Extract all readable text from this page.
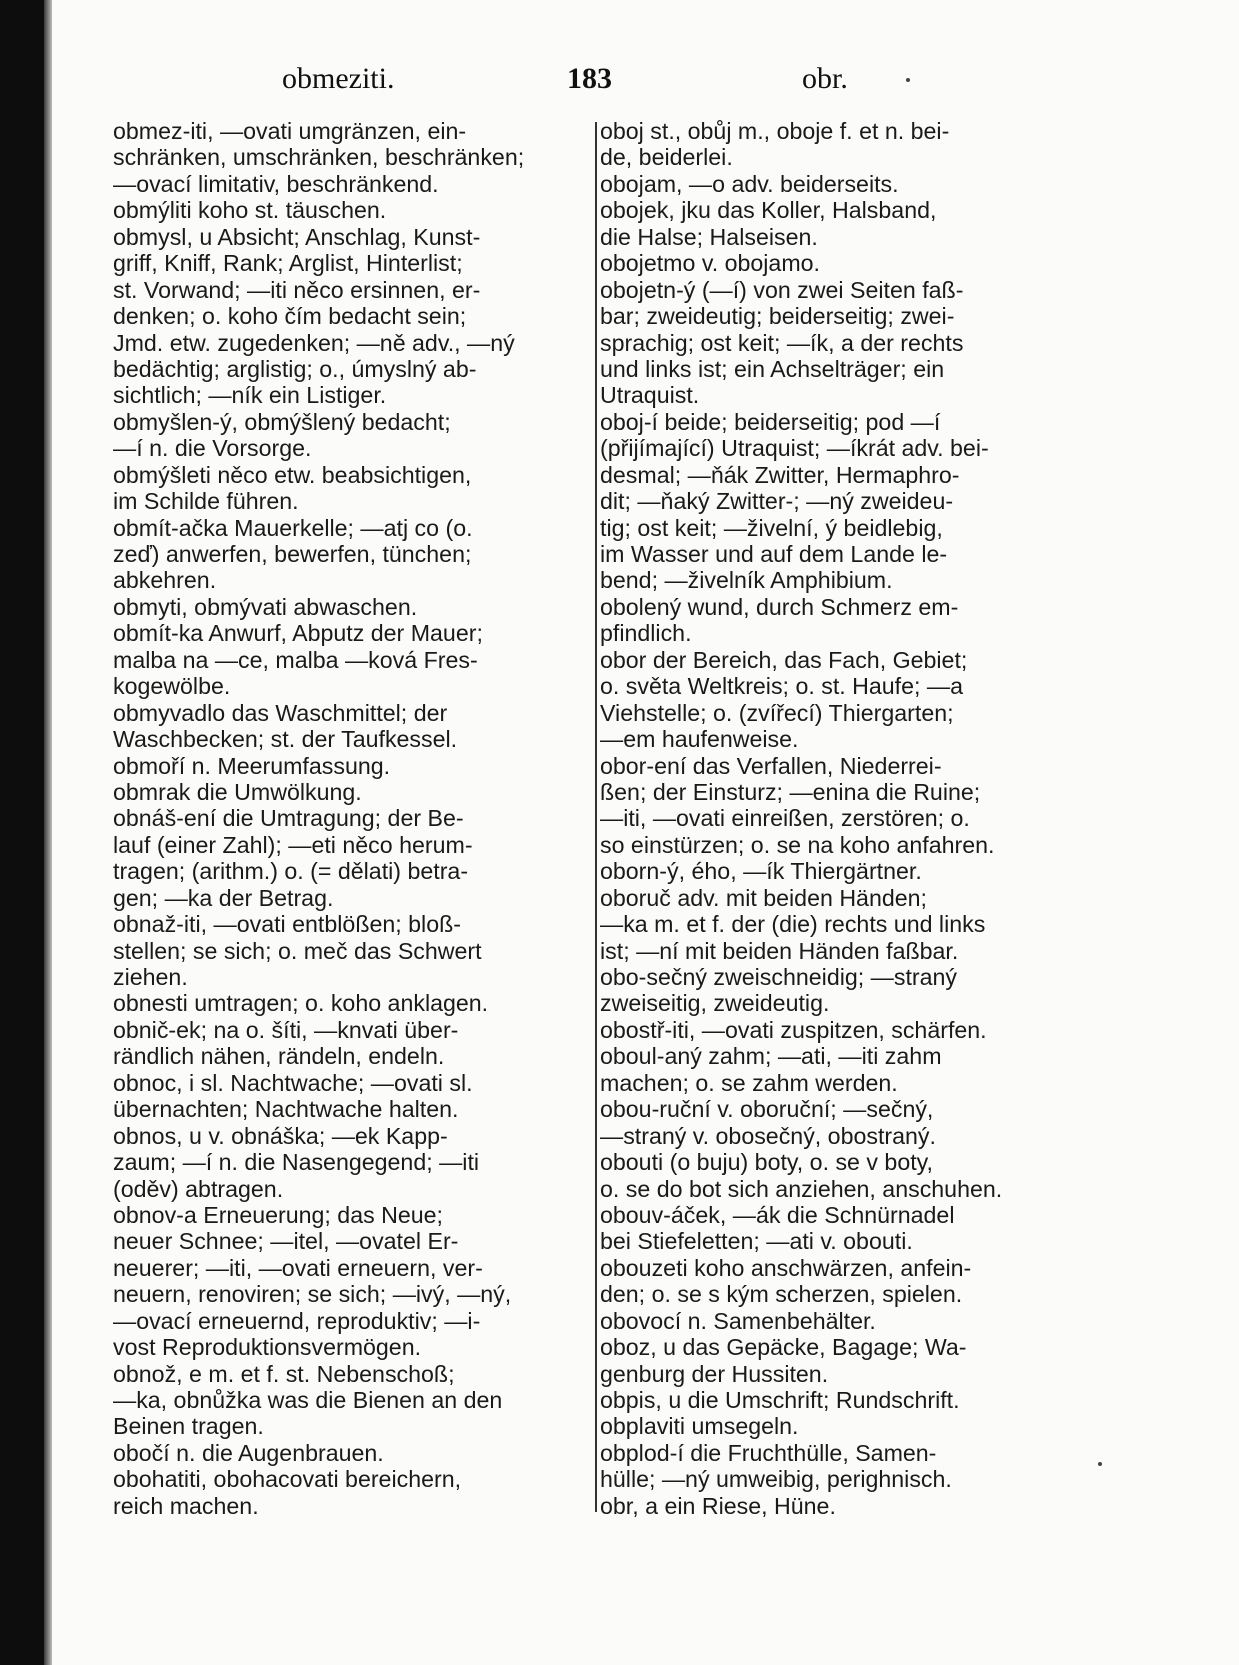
obmeziti.	183	obr.
obmez-iti, —ovati umgränzen, ein-
schränken, umschränken, beschränken;
—ovací limitativ, beschränkend.
obmýliti koho st. täuschen.
obmysl, u Absicht; Anschlag, Kunst-
griff, Kniff, Rank; Arglist, Hinterlist;
st. Vorwand; —iti něco ersinnen, er-
denken; o. koho čím bedacht sein;
Jmd. etw. zugedenken; —ně adv., —ný
bedächtig; arglistig; o., úmyslný ab-
sichtlich; —ník ein Listiger.
obmyšlen-ý, obmýšlený bedacht;
—í n. die Vorsorge.
obmýšleti něco etw. beabsichtigen,
im Schilde führen.
obmít-ačka Mauerkelle; —atj co (o.
zeď) anwerfen, bewerfen, tünchen;
abkehren.
obmyti, obmývati abwaschen.
obmít-ka Anwurf, Abputz der Mauer;
malba na —ce, malba —ková Fres-
kogewölbe.
obmyvadlo das Waschmittel; der
Waschbecken; st. der Taufkessel.
obmoří n. Meerumfassung.
obmrak die Umwölkung.
obnáš-ení die Umtragung; der Be-
lauf (einer Zahl); —eti něco herum-
tragen; (arithm.) o. (= dělati) betra-
gen; —ka der Betrag.
obnaž-iti, —ovati entblößen; bloß-
stellen; se sich; o. meč das Schwert
ziehen.
obnesti umtragen; o. koho anklagen.
obnič-ek; na o. šíti, —knvati über-
rändlich nähen, rändeln, endeln.
obnoc, i sl. Nachtwache; —ovati sl.
übernachten; Nachtwache halten.
obnos, u v. obnáška; —ek Kapp-
zaum; —í n. die Nasengegend; —iti
(oděv) abtragen.
obnov-a Erneuerung; das Neue;
neuer Schnee; —itel, —ovatel Er-
neuerer; —iti, —ovati erneuern, ver-
neuern, renoviren; se sich; —ivý, —ný,
—ovací erneuernd, reproduktiv; —i-
vost Reproduktionsvermögen.
obnož, e m. et f. st. Nebenschoß;
—ka, obnůžka was die Bienen an den
Beinen tragen.
obočí n. die Augenbrauen.
obohatiti, obohacovati bereichern,
reich machen.
oboj st., obůj m., oboje f. et n. bei-
de, beiderlei.
obojam, —o adv. beiderseits.
obojek, jku das Koller, Halsband,
die Halse; Halseisen.
obojetmo v. obojamo.
obojetn-ý (—í) von zwei Seiten faß-
bar; zweideutig; beiderseitig; zwei-
sprachig; ost keit; —ík, a der rechts
und links ist; ein Achselträger; ein
Utraquist.
oboj-í beide; beiderseitig; pod —í
(přijímající) Utraquist; —íkrát adv. bei-
desmal; —ňák Zwitter, Hermaphro-
dit; —ňaký Zwitter-; —ný zweideu-
tig; ost keit; —živelní, ý beidlebig,
im Wasser und auf dem Lande le-
bend; —živelník Amphibium.
obolený wund, durch Schmerz em-
pfindlich.
obor der Bereich, das Fach, Gebiet;
o. světa Weltkreis; o. st. Haufe; —a
Viehstelle; o. (zvířecí) Thiergarten;
—em haufenweise.
obor-ení das Verfallen, Niederrei-
ßen; der Einsturz; —enina die Ruine;
—iti, —ovati einreißen, zerstören; o.
so einstürzen; o. se na koho anfahren.
oborn-ý, ého, —ík Thiergärtner.
oboruč adv. mit beiden Händen;
—ka m. et f. der (die) rechts und links
ist; —ní mit beiden Händen faßbar.
obo-sečný zweischneidig; —straný
zweiseitig, zweideutig.
obostř-iti, —ovati zuspitzen, schärfen.
oboul-aný zahm; —ati, —iti zahm
machen; o. se zahm werden.
obou-ruční v. oboruční; —sečný,
—straný v. obosečný, obostraný.
obouti (o buju) boty, o. se v boty,
o. se do bot sich anziehen, anschuhen.
obouv-áček, —ák die Schnürnadel
bei Stiefeletten; —ati v. obouti.
obouzeti koho anschwärzen, anfein-
den; o. se s kým scherzen, spielen.
obovocí n. Samenbehälter.
oboz, u das Gepäcke, Bagage; Wa-
genburg der Hussiten.
obpis, u die Umschrift; Rundschrift.
obplaviti umsegeln.
obplod-í die Fruchthülle, Samen-
hülle; —ný umweibig, perighnisch.
obr, a ein Riese, Hüne.
